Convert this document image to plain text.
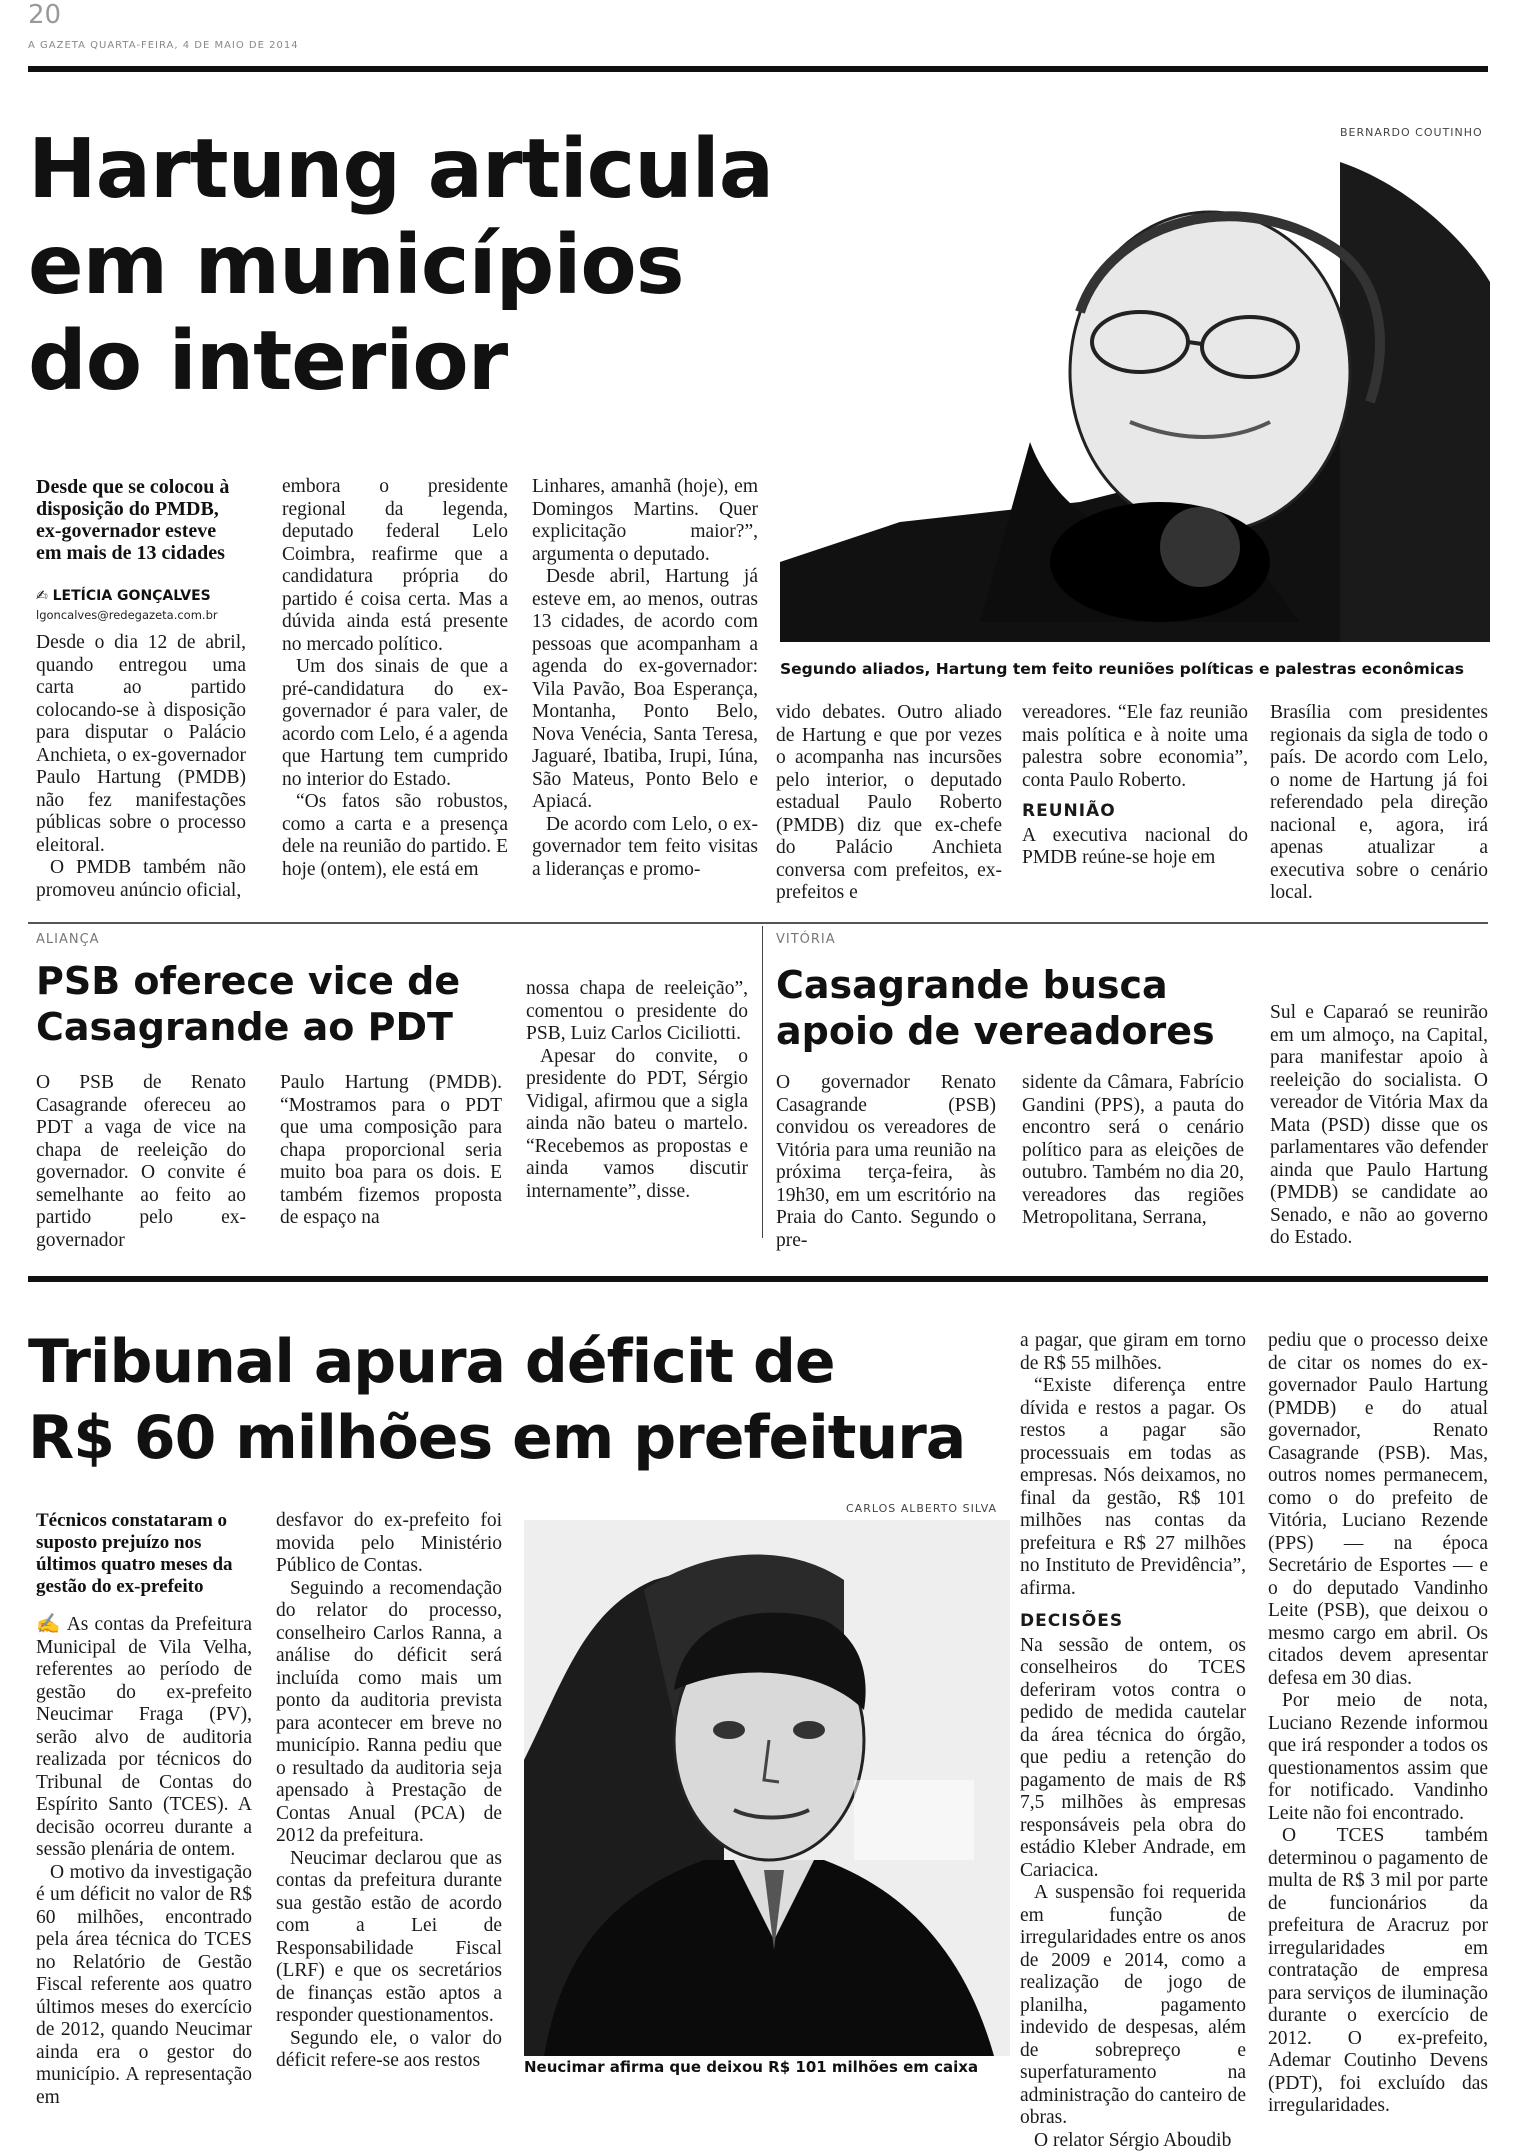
20
A GAZETA QUARTA-FEIRA, 4 DE MAIO DE 2014
Hartung articula
em municípios
do interior
BERNARDO COUTINHO
Segundo aliados, Hartung tem feito reuniões políticas e palestras econômicas
Desde que se colocou à disposição do PMDB, ex-governador esteve em mais de 13 cidades
✍ LETÍCIA GONÇALVES
lgoncalves@redegazeta.com.br

Desde o dia 12 de abril, quando entregou uma carta ao partido colocando-se à disposição para disputar o Palácio Anchieta, o ex-governador Paulo Hartung (PMDB) não fez manifestações públicas sobre o processo eleitoral.

O PMDB também não promoveu anúncio oficial,

embora o presidente regional da legenda, deputado federal Lelo Coimbra, reafirme que a candidatura própria do partido é coisa certa. Mas a dúvida ainda está presente no mercado político.

Um dos sinais de que a pré-candidatura do ex-governador é para valer, de acordo com Lelo, é a agenda que Hartung tem cumprido no interior do Estado.

“Os fatos são robustos, como a carta e a presença dele na reunião do partido. E hoje (ontem), ele está em

Linhares, amanhã (hoje), em Domingos Martins. Quer explicitação maior?”, argumenta o deputado.

Desde abril, Hartung já esteve em, ao menos, outras 13 cidades, de acordo com pessoas que acompanham a agenda do ex-governador: Vila Pavão, Boa Esperança, Montanha, Ponto Belo, Nova Venécia, Santa Teresa, Jaguaré, Ibatiba, Irupi, Iúna, São Mateus, Ponto Belo e Apiacá.

De acordo com Lelo, o ex-governador tem feito visitas a lideranças e promo-

vido debates. Outro aliado de Hartung e que por vezes o acompanha nas incursões pelo interior, o deputado estadual Paulo Roberto (PMDB) diz que ex-chefe do Palácio Anchieta conversa com prefeitos, ex-prefeitos e

vereadores. “Ele faz reunião mais política e à noite uma palestra sobre economia”, conta Paulo Roberto.

REUNIÃO

A executiva nacional do PMDB reúne-se hoje em

Brasília com presidentes regionais da sigla de todo o país. De acordo com Lelo, o nome de Hartung já foi referendado pela direção nacional e, agora, irá apenas atualizar a executiva sobre o cenário local.

ALIANÇA
PSB oferece vice de
Casagrande ao PDT

O PSB de Renato Casagrande ofereceu ao PDT a vaga de vice na chapa de reeleição do governador. O convite é semelhante ao feito ao partido pelo ex-governador

Paulo Hartung (PMDB). “Mostramos para o PDT que uma composição para chapa proporcional seria muito boa para os dois. E também fizemos proposta de espaço na

nossa chapa de reeleição”, comentou o presidente do PSB, Luiz Carlos Ciciliotti.

Apesar do convite, o presidente do PDT, Sérgio Vidigal, afirmou que a sigla ainda não bateu o martelo. “Recebemos as propostas e ainda vamos discutir internamente”, disse.

VITÓRIA
Casagrande busca
apoio de vereadores

O governador Renato Casagrande (PSB) convidou os vereadores de Vitória para uma reunião na próxima terça-feira, às 19h30, em um escritório na Praia do Canto. Segundo o pre-

sidente da Câmara, Fabrício Gandini (PPS), a pauta do encontro será o cenário político para as eleições de outubro. Também no dia 20, vereadores das regiões Metropolitana, Serrana,

Sul e Caparaó se reunirão em um almoço, na Capital, para manifestar apoio à reeleição do socialista. O vereador de Vitória Max da Mata (PSD) disse que os parlamentares vão defender ainda que Paulo Hartung (PMDB) se candidate ao Senado, e não ao governo do Estado.

Tribunal apura déficit de
R$ 60 milhões em prefeitura
Técnicos constataram o suposto prejuízo nos últimos quatro meses da gestão do ex-prefeito

✍ As contas da Prefeitura Municipal de Vila Velha, referentes ao período de gestão do ex-prefeito Neucimar Fraga (PV), serão alvo de auditoria realizada por técnicos do Tribunal de Contas do Espírito Santo (TCES). A decisão ocorreu durante a sessão plenária de ontem.

O motivo da investigação é um déficit no valor de R$ 60 milhões, encontrado pela área técnica do TCES no Relatório de Gestão Fiscal referente aos quatro últimos meses do exercício de 2012, quando Neucimar ainda era o gestor do município. A representação em

desfavor do ex-prefeito foi movida pelo Ministério Público de Contas.

Seguindo a recomendação do relator do processo, conselheiro Carlos Ranna, a análise do déficit será incluída como mais um ponto da auditoria prevista para acontecer em breve no município. Ranna pediu que o resultado da auditoria seja apensado à Prestação de Contas Anual (PCA) de 2012 da prefeitura.

Neucimar declarou que as contas da prefeitura durante sua gestão estão de acordo com a Lei de Responsabilidade Fiscal (LRF) e que os secretários de finanças estão aptos a responder questionamentos.

Segundo ele, o valor do déficit refere-se aos restos

CARLOS ALBERTO SILVA
Neucimar afirma que deixou R$ 101 milhões em caixa

a pagar, que giram em torno de R$ 55 milhões.

“Existe diferença entre dívida e restos a pagar. Os restos a pagar são processuais em todas as empresas. Nós deixamos, no final da gestão, R$ 101 milhões nas contas da prefeitura e R$ 27 milhões no Instituto de Previdência”, afirma.

DECISÕES

Na sessão de ontem, os conselheiros do TCES deferiram votos contra o pedido de medida cautelar da área técnica do órgão, que pediu a retenção do pagamento de mais de R$ 7,5 milhões às empresas responsáveis pela obra do estádio Kleber Andrade, em Cariacica.

A suspensão foi requerida em função de irregularidades entre os anos de 2009 e 2014, como a realização de jogo de planilha, pagamento indevido de despesas, além de sobrepreço e superfaturamento na administração do canteiro de obras.

O relator Sérgio Aboudib

pediu que o processo deixe de citar os nomes do ex-governador Paulo Hartung (PMDB) e do atual governador, Renato Casagrande (PSB). Mas, outros nomes permanecem, como o do prefeito de Vitória, Luciano Rezende (PPS) — na época Secretário de Esportes — e o do deputado Vandinho Leite (PSB), que deixou o mesmo cargo em abril. Os citados devem apresentar defesa em 30 dias.

Por meio de nota, Luciano Rezende informou que irá responder a todos os questionamentos assim que for notificado. Vandinho Leite não foi encontrado.

O TCES também determinou o pagamento de multa de R$ 3 mil por parte de funcionários da prefeitura de Aracruz por irregularidades em contratação de empresa para serviços de iluminação durante o exercício de 2012. O ex-prefeito, Ademar Coutinho Devens (PDT), foi excluído das irregularidades.
